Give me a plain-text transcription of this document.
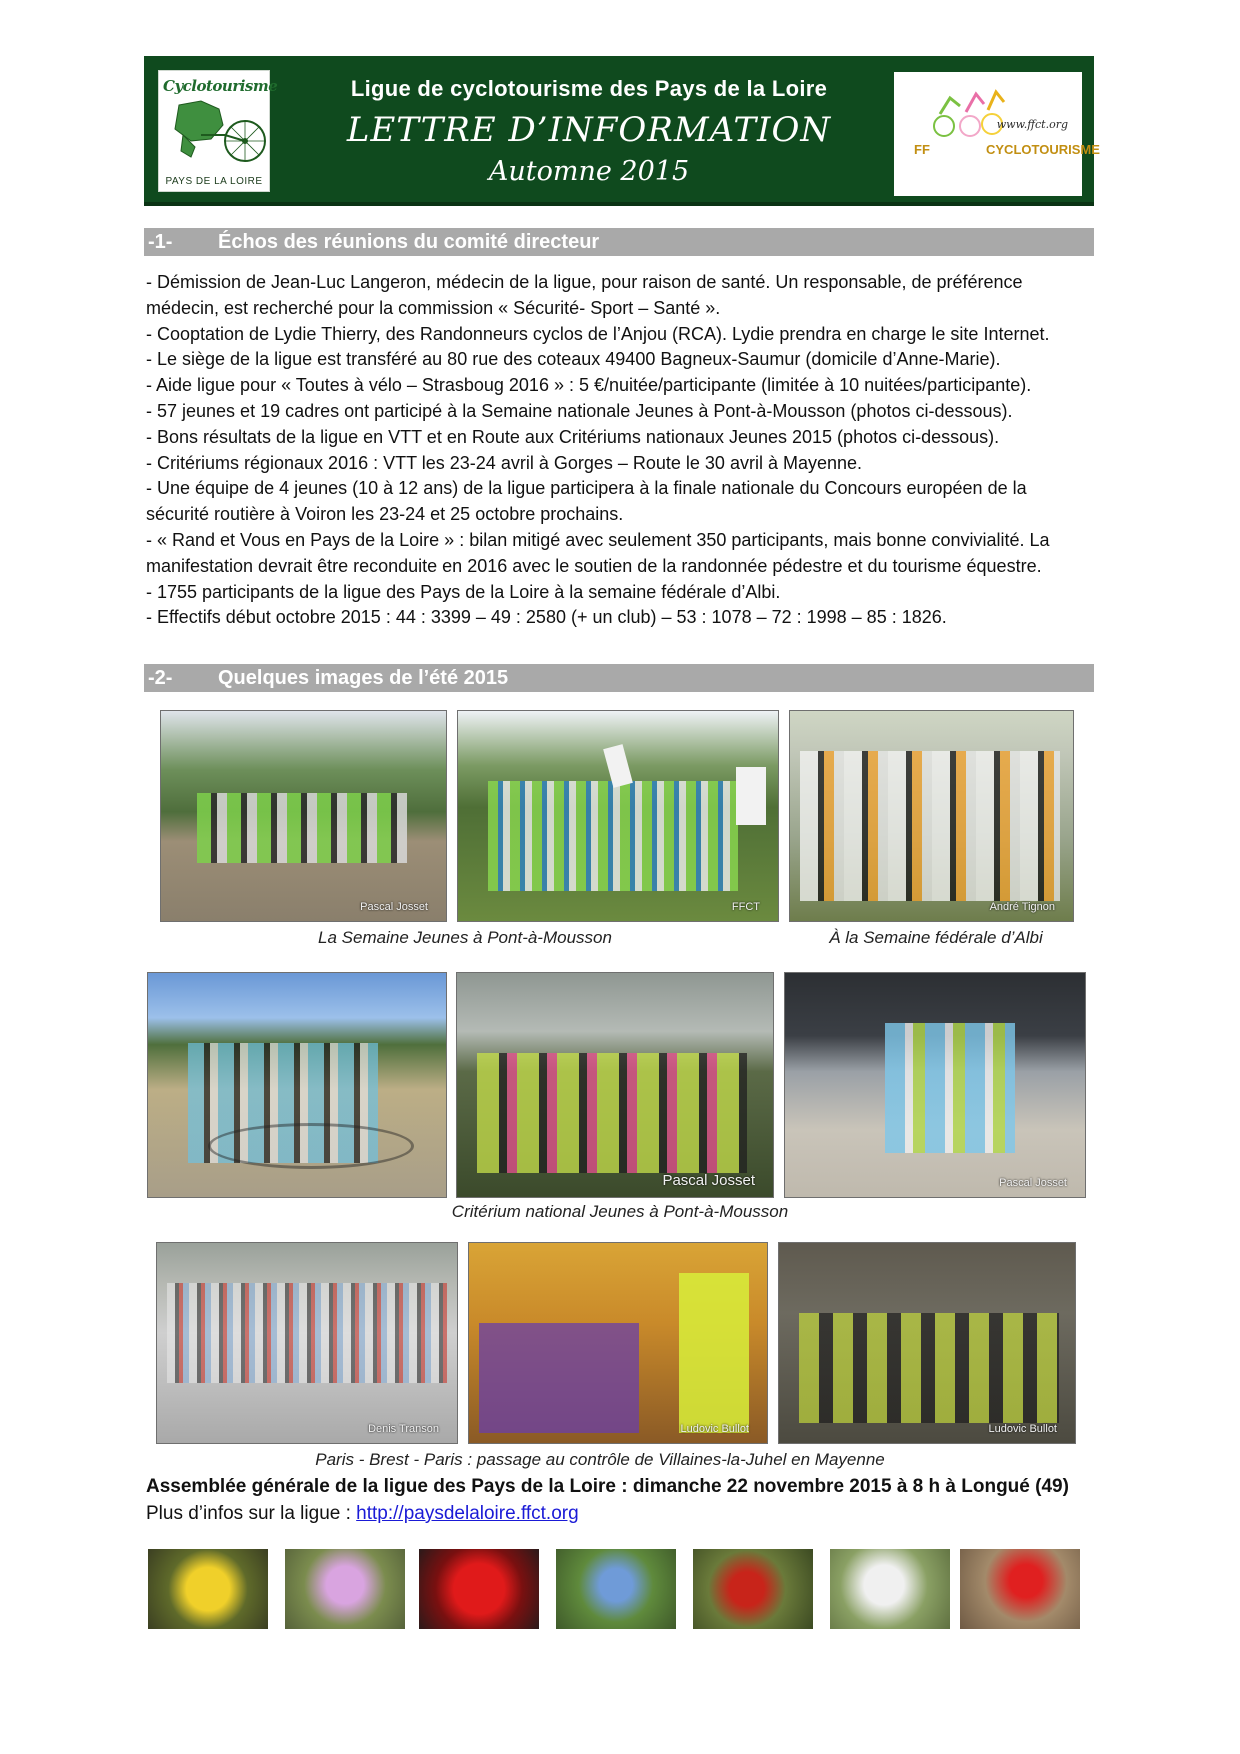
Cyclotourisme
PAYS DE LA LOIRE
Ligue de cyclotourisme des Pays de la Loire
LETTRE D’INFORMATION
Automne 2015
www.ffct.org
FF	CYCLOTOURISME
-1- Échos des réunions du comité directeur
- Démission de Jean-Luc Langeron, médecin de la ligue, pour raison de santé. Un responsable, de préférence
médecin, est recherché pour la commission « Sécurité- Sport – Santé ».
- Cooptation de Lydie Thierry, des Randonneurs cyclos de l’Anjou (RCA). Lydie prendra en charge le site Internet.
- Le siège de la ligue est transféré au 80 rue des coteaux 49400 Bagneux-Saumur (domicile d’Anne-Marie).
- Aide ligue pour « Toutes à vélo – Strasboug 2016 » : 5 €/nuitée/participante (limitée à 10 nuitées/participante).
- 57 jeunes et 19 cadres ont participé à la Semaine nationale Jeunes à Pont-à-Mousson (photos ci-dessous).
- Bons résultats de la ligue en VTT et en Route aux Critériums nationaux Jeunes 2015 (photos ci-dessous).
- Critériums régionaux 2016 : VTT les 23-24 avril à Gorges – Route le 30 avril à Mayenne.
- Une équipe de 4 jeunes (10 à 12 ans) de la ligue participera à la finale nationale du Concours européen de la
sécurité routière à Voiron les 23-24 et 25 octobre prochains.
- « Rand et Vous en Pays de la Loire » : bilan mitigé avec seulement 350 participants, mais bonne convivialité. La
manifestation devrait être reconduite en 2016 avec le soutien de la randonnée pédestre et du tourisme équestre.
- 1755 participants de la ligue des Pays de la Loire à la semaine fédérale d’Albi.
- Effectifs début octobre 2015 : 44 : 3399 – 49 : 2580 (+ un club) – 53 : 1078 – 72 : 1998 – 85 : 1826.
-2- Quelques images de l’été 2015
Pascal Josset	FFCT	André Tignon
La Semaine Jeunes à Pont-à-Mousson	À la Semaine fédérale d’Albi
Pascal Josset	Pascal Josset
Critérium national Jeunes à Pont-à-Mousson
Denis Transon	Ludovic Bullot	Ludovic Bullot
Paris - Brest - Paris : passage au contrôle de Villaines-la-Juhel en Mayenne
Assemblée générale de la ligue des Pays de la Loire : dimanche 22 novembre 2015 à 8 h à Longué (49)
Plus d’infos sur la ligue : http://paysdelaloire.ffct.org
